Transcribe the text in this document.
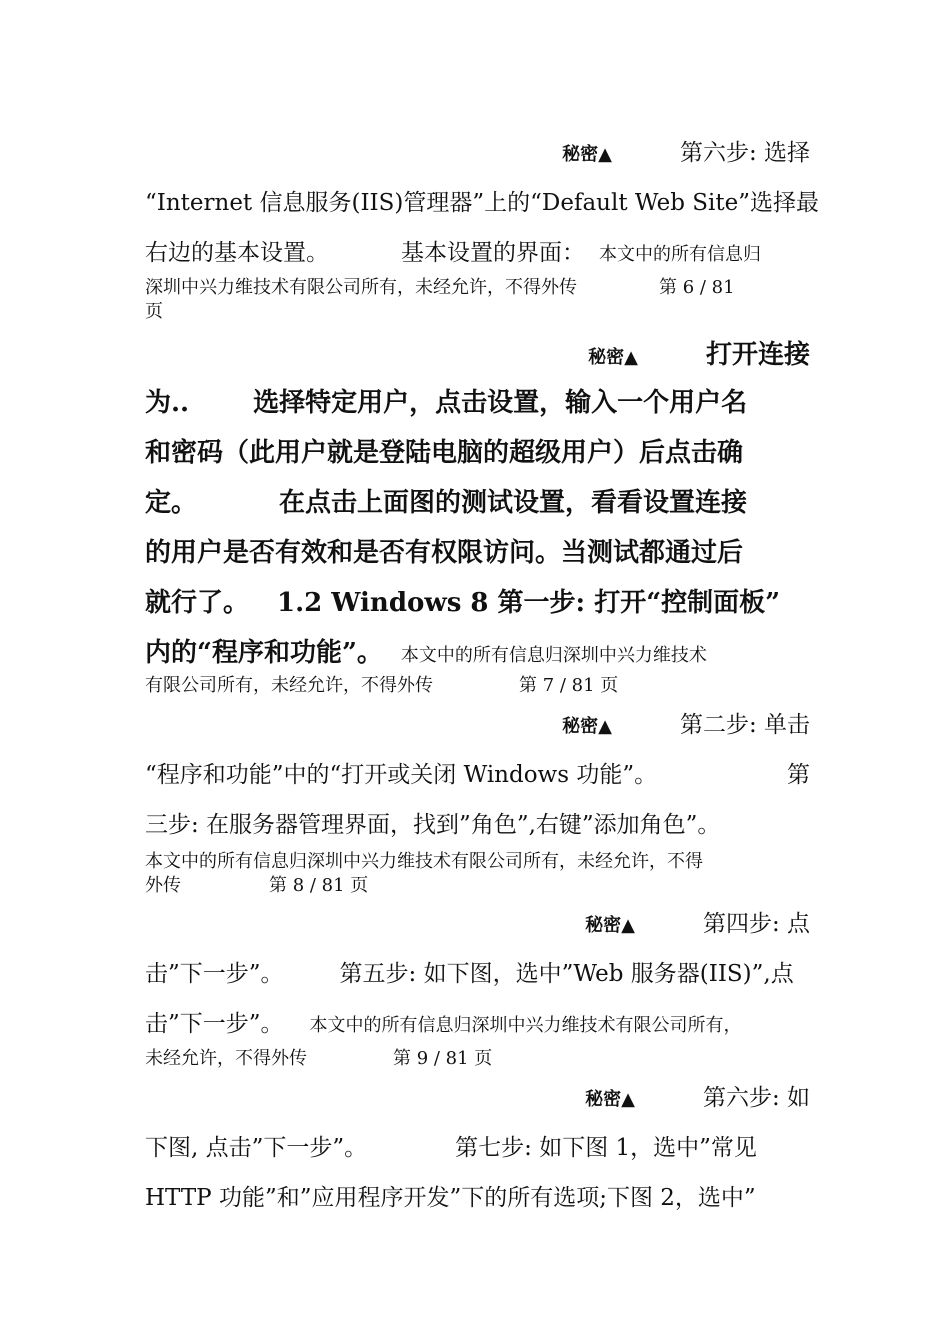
秘密▲	第六步: 选择
“Internet 信息服务(IIS)管理器”上的“Default Web Site”选择最
右边的基本设置。	基本设置的界面： 本文中的所有信息归
深圳中兴力维技术有限公司所有，未经允许，不得外传	第 6 / 81
页
秘密▲	打开连接
为.. 选择特定用户，点击设置，输入一个用户名
和密码（此用户就是登陆电脑的超级用户）后点击确
定。	在点击上面图的测试设置，看看设置连接
的用户是否有效和是否有权限访问。当测试都通过后
就行了。 1.2 Windows 8 第一步: 打开“控制面板”
内的“程序和功能”。 本文中的所有信息归深圳中兴力维技术
有限公司所有，未经允许，不得外传	第 7 / 81 页
秘密▲	第二步: 单击
“程序和功能”中的“打开或关闭 Windows 功能”。	第
三步: 在服务器管理界面，找到”角色”,右键”添加角色”。
本文中的所有信息归深圳中兴力维技术有限公司所有，未经允许，不得
外传	第 8 / 81 页
秘密▲	第四步: 点
击”下一步”。 第五步: 如下图，选中”Web 服务器(IIS)”,点
击”下一步”。 本文中的所有信息归深圳中兴力维技术有限公司所有，
未经允许，不得外传	第 9 / 81 页
秘密▲	第六步: 如
下图, 点击”下一步”。	第七步: 如下图 1，选中”常见
HTTP 功能”和”应用程序开发”下的所有选项;下图 2，选中”
